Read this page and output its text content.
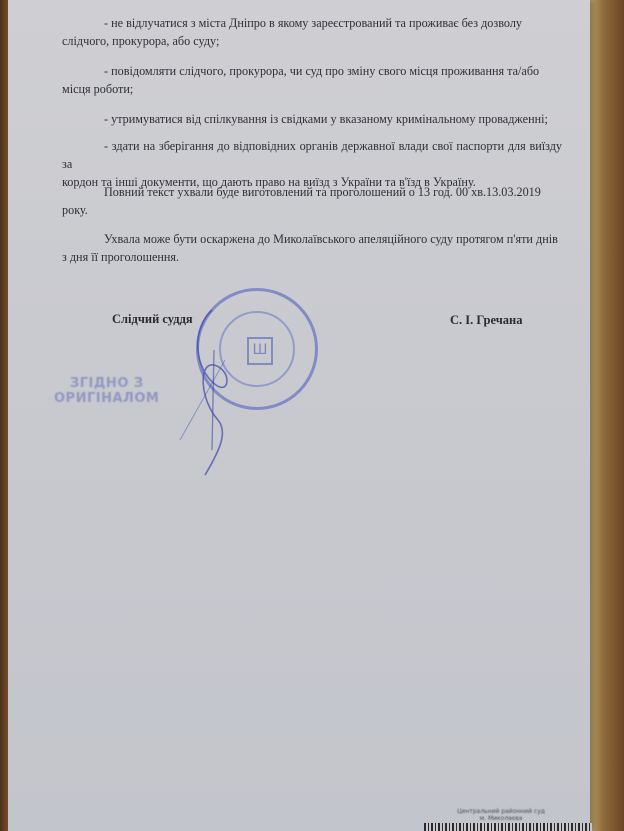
- не відлучатися з міста Дніпро в якому зареєстрований та проживає без дозволу
слідчого, прокурора, або суду;
- повідомляти слідчого, прокурора, чи суд про зміну свого місця проживання та/або
місця роботи;
- утримуватися від спілкування із свідками у вказаному кримінальному провадженні;
- здати на зберігання до відповідних органів державної влади свої паспорти для виїзду за
кордон та інші документи, що дають право на виїзд з України та в'їзд в Україну.
Повний текст ухвали буде виготовлений та проголошений о 13 год. 00 хв.13.03.2019
року.
Ухвала може бути оскаржена до Миколаївського апеляційного суду протягом п'яти днів
з дня її проголошення.
Слідчий суддя	С. І. Гречана
Ш
ЗГІДНО З
ОРИГІНАЛОМ
Центральний районний суд
м. Миколаєва
